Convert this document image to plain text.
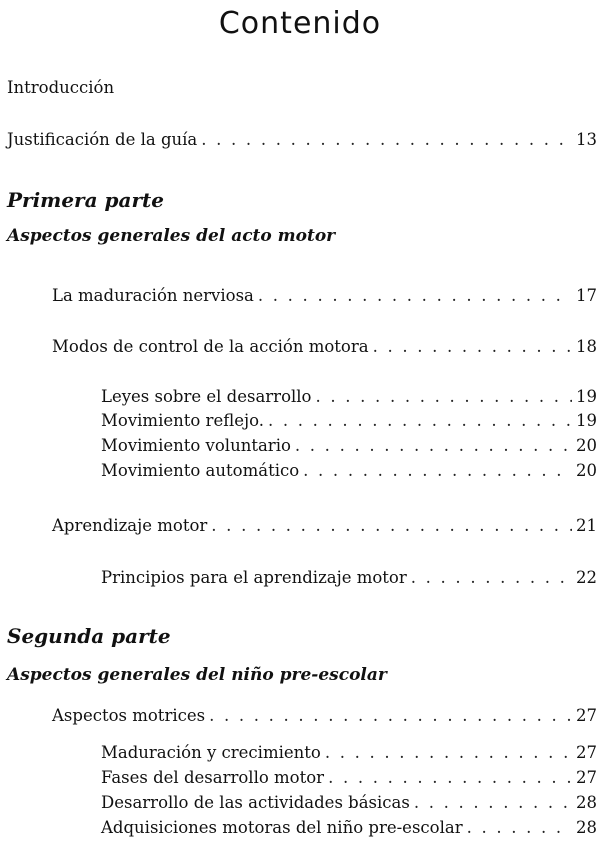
Contenido
Introducción
Justificación de la guía . . .	13
Primera parte
Aspectos generales del acto motor
La maduración nerviosa . . .	17
Modos de control de la acción motora . . .	18
Leyes sobre el desarrollo . . .	19
Movimiento reflejo. . . .	19
Movimiento voluntario . . .	20
Movimiento automático . . .	20
Aprendizaje motor . . .	21
Principios para el aprendizaje motor . . .	22
Segunda parte
Aspectos generales del niño pre-escolar
Aspectos motrices . . .	27
Maduración y crecimiento . . .	27
Fases del desarrollo motor . . .	27
Desarrollo de las actividades básicas . . .	28
Adquisiciones motoras del niño pre-escolar . . .	28
